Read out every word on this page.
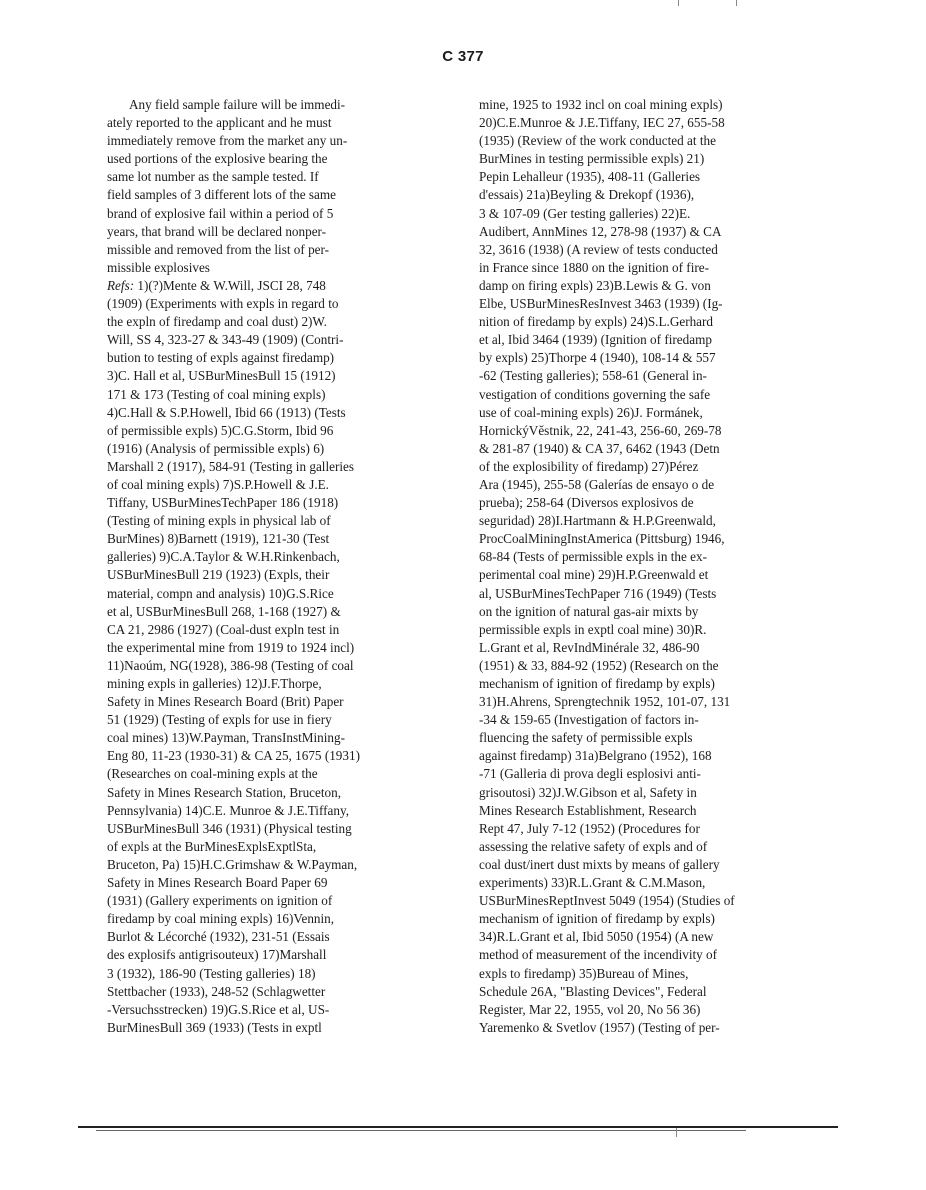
C 377
Any field sample failure will be immedi-
ately reported to the applicant and he must
immediately remove from the market any un-
used portions of the explosive bearing the
same lot number as the sample tested. If
field samples of 3 different lots of the same
brand of explosive fail within a period of 5
years, that brand will be declared nonper-
missible and removed from the list of per-
missible explosives
Refs: 1)(?)Mente & W.Will, JSCI 28, 748
(1909) (Experiments with expls in regard to
the expln of firedamp and coal dust) 2)W.
Will, SS 4, 323-27 & 343-49 (1909) (Contri-
bution to testing of expls against firedamp)
3)C. Hall et al, USBurMinesBull 15 (1912)
171 & 173 (Testing of coal mining expls)
4)C.Hall & S.P.Howell, Ibid 66 (1913) (Tests
of permissible expls) 5)C.G.Storm, Ibid 96
(1916) (Analysis of permissible expls) 6)
Marshall 2 (1917), 584-91 (Testing in galleries
of coal mining expls) 7)S.P.Howell & J.E.
Tiffany, USBurMinesTechPaper 186 (1918)
(Testing of mining expls in physical lab of
BurMines) 8)Barnett (1919), 121-30 (Test
galleries) 9)C.A.Taylor & W.H.Rinkenbach,
USBurMinesBull 219 (1923) (Expls, their
material, compn and analysis) 10)G.S.Rice
et al, USBurMinesBull 268, 1-168 (1927) &
CA 21, 2986 (1927) (Coal-dust expln test in
the experimental mine from 1919 to 1924 incl)
11)Naoúm, NG(1928), 386-98 (Testing of coal
mining expls in galleries) 12)J.F.Thorpe,
Safety in Mines Research Board (Brit) Paper
51 (1929) (Testing of expls for use in fiery
coal mines) 13)W.Payman, TransInstMining-
Eng 80, 11-23 (1930-31) & CA 25, 1675 (1931)
(Researches on coal-mining expls at the
Safety in Mines Research Station, Bruceton,
Pennsylvania) 14)C.E. Munroe & J.E.Tiffany,
USBurMinesBull 346 (1931) (Physical testing
of expls at the BurMinesExplsExptlSta,
Bruceton, Pa) 15)H.C.Grimshaw & W.Payman,
Safety in Mines Research Board Paper 69
(1931) (Gallery experiments on ignition of
firedamp by coal mining expls) 16)Vennin,
Burlot & Lécorché (1932), 231-51 (Essais
des explosifs antigrisouteux) 17)Marshall
3 (1932), 186-90 (Testing galleries) 18)
Stettbacher (1933), 248-52 (Schlagwetter
-Versuchsstrecken) 19)G.S.Rice et al, US-
BurMinesBull 369 (1933) (Tests in exptl
mine, 1925 to 1932 incl on coal mining expls)
20)C.E.Munroe & J.E.Tiffany, IEC 27, 655-58
(1935) (Review of the work conducted at the
BurMines in testing permissible expls) 21)
Pepin Lehalleur (1935), 408-11 (Galleries
d'essais) 21a)Beyling & Drekopf (1936),
3 & 107-09 (Ger testing galleries) 22)E.
Audibert, AnnMines 12, 278-98 (1937) & CA
32, 3616 (1938) (A review of tests conducted
in France since 1880 on the ignition of fire-
damp on firing expls) 23)B.Lewis & G. von
Elbe, USBurMinesResInvest 3463 (1939) (Ig-
nition of firedamp by expls) 24)S.L.Gerhard
et al, Ibid 3464 (1939) (Ignition of firedamp
by expls) 25)Thorpe 4 (1940), 108-14 & 557
-62 (Testing galleries); 558-61 (General in-
vestigation of conditions governing the safe
use of coal-mining expls) 26)J. Formánek,
HornickýVěstnik, 22, 241-43, 256-60, 269-78
& 281-87 (1940) & CA 37, 6462 (1943 (Detn
of the explosibility of firedamp) 27)Pérez
Ara (1945), 255-58 (Galerías de ensayo o de
prueba); 258-64 (Diversos explosivos de
seguridad) 28)I.Hartmann & H.P.Greenwald,
ProcCoalMiningInstAmerica (Pittsburg) 1946,
68-84 (Tests of permissible expls in the ex-
perimental coal mine) 29)H.P.Greenwald et
al, USBurMinesTechPaper 716 (1949) (Tests
on the ignition of natural gas-air mixts by
permissible expls in exptl coal mine) 30)R.
L.Grant et al, RevIndMinérale 32, 486-90
(1951) & 33, 884-92 (1952) (Research on the
mechanism of ignition of firedamp by expls)
31)H.Ahrens, Sprengtechnik 1952, 101-07, 131
-34 & 159-65 (Investigation of factors in-
fluencing the safety of permissible expls
against firedamp) 31a)Belgrano (1952), 168
-71 (Galleria di prova degli esplosivi anti-
grisoutosi) 32)J.W.Gibson et al, Safety in
Mines Research Establishment, Research
Rept 47, July 7-12 (1952) (Procedures for
assessing the relative safety of expls and of
coal dust/inert dust mixts by means of gallery
experiments) 33)R.L.Grant & C.M.Mason,
USBurMinesReptInvest 5049 (1954) (Studies of
mechanism of ignition of firedamp by expls)
34)R.L.Grant et al, Ibid 5050 (1954) (A new
method of measurement of the incendivity of
expls to firedamp) 35)Bureau of Mines,
Schedule 26A, "Blasting Devices", Federal
Register, Mar 22, 1955, vol 20, No 56 36)
Yaremenko & Svetlov (1957) (Testing of per-
